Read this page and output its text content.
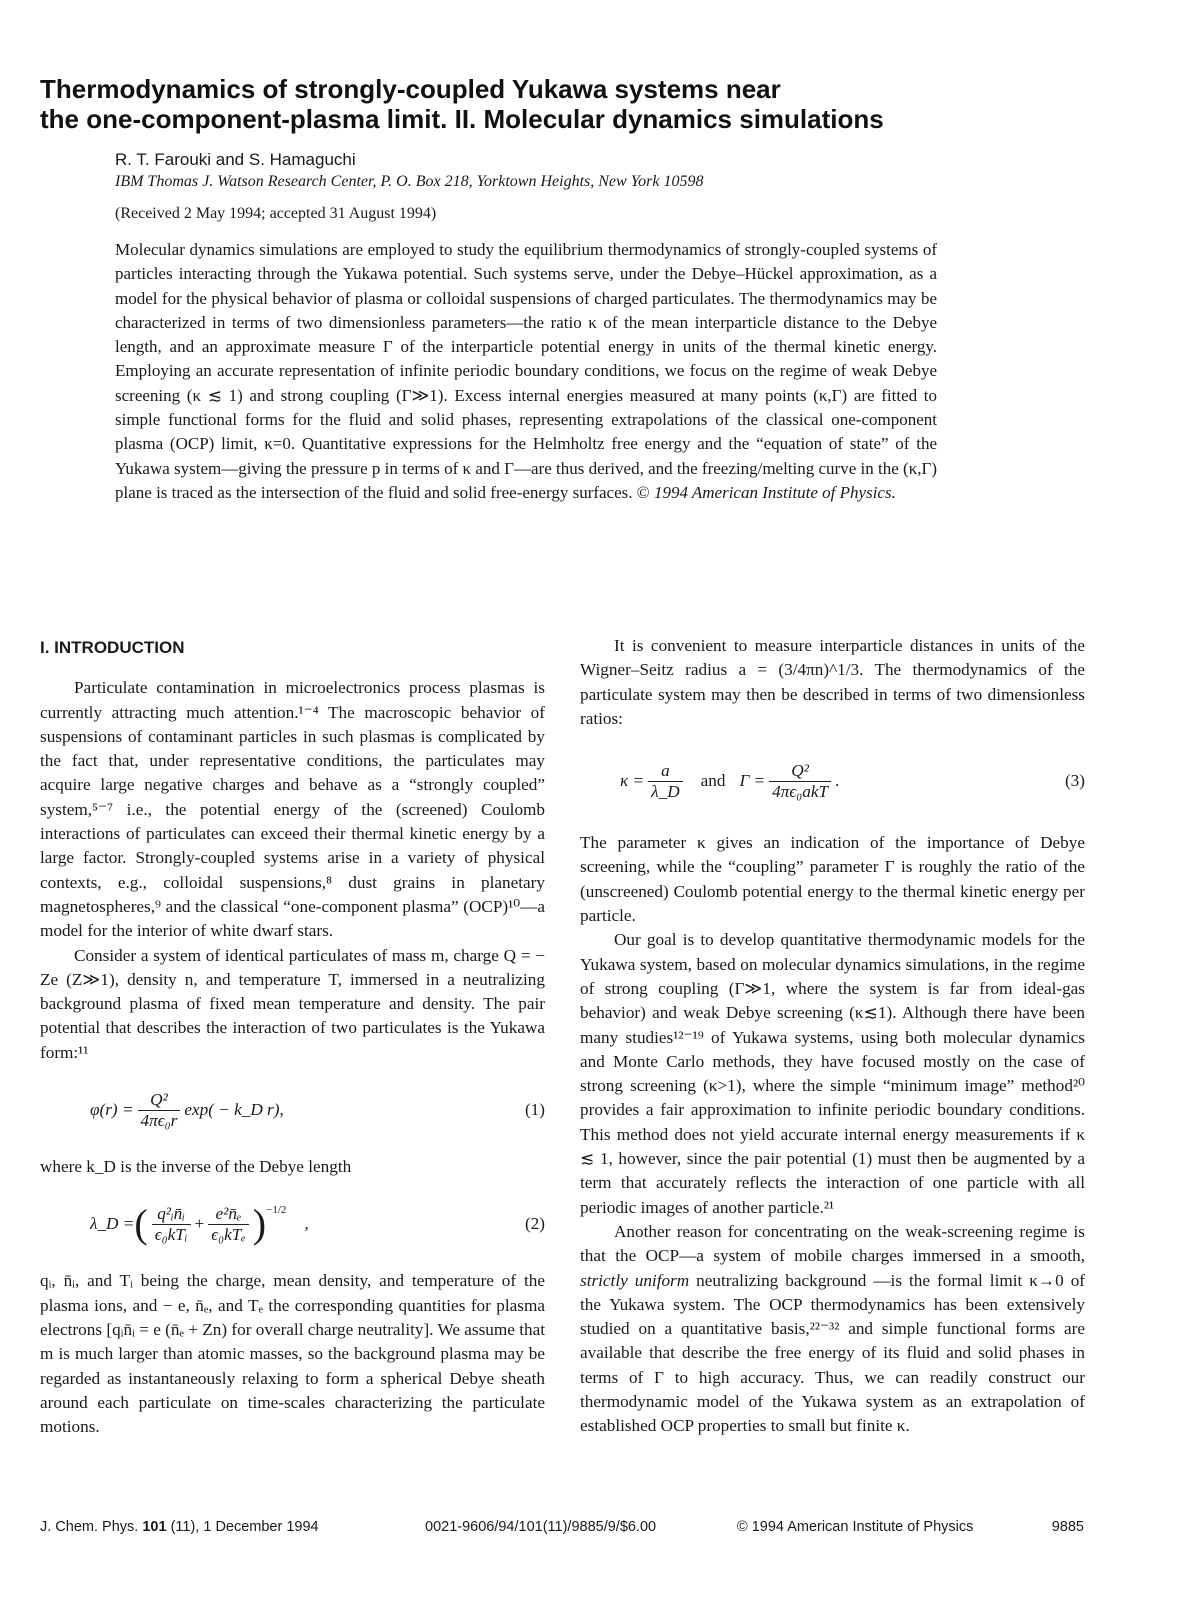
Thermodynamics of strongly-coupled Yukawa systems near
the one-component-plasma limit. II. Molecular dynamics simulations
R. T. Farouki and S. Hamaguchi
IBM Thomas J. Watson Research Center, P. O. Box 218, Yorktown Heights, New York 10598
(Received 2 May 1994; accepted 31 August 1994)
Molecular dynamics simulations are employed to study the equilibrium thermodynamics of strongly-coupled systems of particles interacting through the Yukawa potential. Such systems serve, under the Debye–Hückel approximation, as a model for the physical behavior of plasma or colloidal suspensions of charged particulates. The thermodynamics may be characterized in terms of two dimensionless parameters—the ratio κ of the mean interparticle distance to the Debye length, and an approximate measure Γ of the interparticle potential energy in units of the thermal kinetic energy. Employing an accurate representation of infinite periodic boundary conditions, we focus on the regime of weak Debye screening (κ ≲ 1) and strong coupling (Γ≫1). Excess internal energies measured at many points (κ,Γ) are fitted to simple functional forms for the fluid and solid phases, representing extrapolations of the classical one-component plasma (OCP) limit, κ=0. Quantitative expressions for the Helmholtz free energy and the “equation of state” of the Yukawa system—giving the pressure p in terms of κ and Γ—are thus derived, and the freezing/melting curve in the (κ,Γ) plane is traced as the intersection of the fluid and solid free-energy surfaces. © 1994 American Institute of Physics.
I. INTRODUCTION

Particulate contamination in microelectronics process plasmas is currently attracting much attention.¹⁻⁴ The macroscopic behavior of suspensions of contaminant particles in such plasmas is complicated by the fact that, under representative conditions, the particulates may acquire large negative charges and behave as a “strongly coupled” system,⁵⁻⁷ i.e., the potential energy of the (screened) Coulomb interactions of particulates can exceed their thermal kinetic energy by a large factor. Strongly-coupled systems arise in a variety of physical contexts, e.g., colloidal suspensions,⁸ dust grains in planetary magnetospheres,⁹ and the classical “one-component plasma” (OCP)¹⁰—a model for the interior of white dwarf stars.

Consider a system of identical particulates of mass m, charge Q = − Ze (Z≫1), density n, and temperature T, immersed in a neutralizing background plasma of fixed mean temperature and density. The pair potential that describes the interaction of two particulates is the Yukawa form:¹¹

$\varphi(r) = \frac{\text{Q²}}{\text{4πϵ₀r}} \exp$( − k_D r),	(1)

where k_D is the inverse of the Debye length

λ_D = ( $\frac{\text{q²ᵢn̄ᵢ}}{\text{ϵ₀kTᵢ}} + \frac{\text{e²n̄ₑ}}{\text{ϵ₀kTₑ}} )^{-1/2}$
,	(2)

qᵢ, n̄ᵢ, and Tᵢ being the charge, mean density, and temperature of the plasma ions, and − e, n̄ₑ, and Tₑ the corresponding quantities for plasma electrons [qᵢn̄ᵢ = e (n̄ₑ + Zn) for overall charge neutrality]. We assume that m is much larger than atomic masses, so the background plasma may be regarded as instantaneously relaxing to form a spherical Debye sheath around each particulate on time-scales characterizing the particulate motions.

It is convenient to measure interparticle distances in units of the Wigner–Seitz radius a = (3/4πn)^1/3. The thermodynamics of the particulate system may then be described in terms of two dimensionless ratios:

$\kappa = \frac{a}{\lambda\_D}$ and $\Gamma = \frac{\text{Q²}}{\text{4πϵ₀akT}}$ .	(3)

The parameter κ gives an indication of the importance of Debye screening, while the “coupling” parameter Γ is roughly the ratio of the (unscreened) Coulomb potential energy to the thermal kinetic energy per particle.

Our goal is to develop quantitative thermodynamic models for the Yukawa system, based on molecular dynamics simulations, in the regime of strong coupling (Γ≫1, where the system is far from ideal-gas behavior) and weak Debye screening (κ≲1). Although there have been many studies¹²⁻¹⁹ of Yukawa systems, using both molecular dynamics and Monte Carlo methods, they have focused mostly on the case of strong screening (κ>1), where the simple “minimum image” method²⁰ provides a fair approximation to infinite periodic boundary conditions. This method does not yield accurate internal energy measurements if κ ≲ 1, however, since the pair potential (1) must then be augmented by a term that accurately reflects the interaction of one particle with all periodic images of another particle.²¹

Another reason for concentrating on the weak-screening regime is that the OCP—a system of mobile charges immersed in a smooth, strictly uniform neutralizing background —is the formal limit κ→0 of the Yukawa system. The OCP thermodynamics has been extensively studied on a quantitative basis,²²⁻³² and simple functional forms are available that describe the free energy of its fluid and solid phases in terms of Γ to high accuracy. Thus, we can readily construct our thermodynamic model of the Yukawa system as an extrapolation of established OCP properties to small but finite κ.

J. Chem. Phys. 101 (11), 1 December 1994	0021-9606/94/101(11)/9885/9/$6.00	© 1994 American Institute of Physics	9885
